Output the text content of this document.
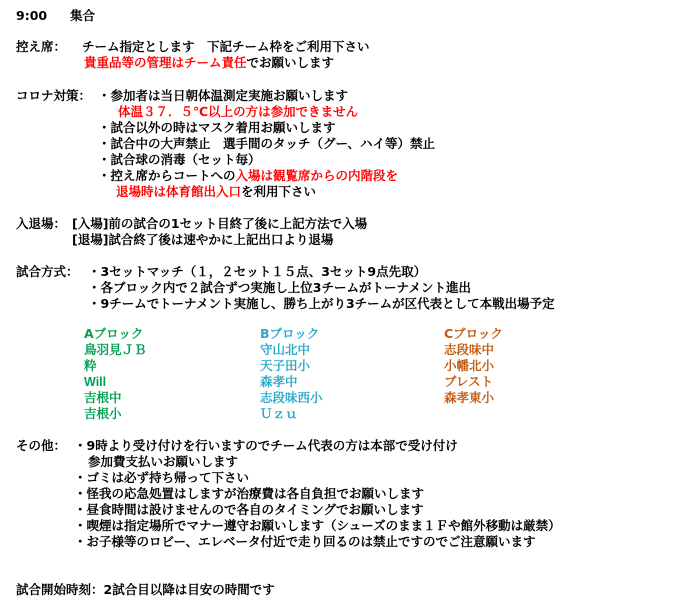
9:00 集合
控え席： チーム指定とします　下記チーム枠をご利用下さい
貴重品等の管理はチーム責任でお願いします
コロナ対策： ・参加者は当日朝体温測定実施お願いします
体温３７．５℃以上の方は参加できません
・試合以外の時はマスク着用お願いします
・試合中の大声禁止　選手間のタッチ（グー、ハイ等）禁止
・試合球の消毒（セット毎）
・控え席からコートへの入場は観覧席からの内階段を
退場時は体育館出入口を利用下さい
入退場： [入場]前の試合の1セット目終了後に上記方法で入場
[退場]試合終了後は速やかに上記出口より退場
試合方式： ・3セットマッチ（１，２セット１５点、3セット9点先取）
・各ブロック内で２試合ずつ実施し上位3チームがトーナメント進出
・9チームでトーナメント実施し、勝ち上がり3チームが区代表として本戦出場予定
Aブロック
鳥羽見ＪＢ
粋
Will
吉根中
吉根小
Bブロック
守山北中
天子田小
森孝中
志段味西小
Ｕｚｕ
Cブロック
志段味中
小幡北小
ブレスト
森孝東小
その他： ・9時より受け付けを行いますのでチーム代表の方は本部で受け付け
参加費支払いお願いします
・ゴミは必ず持ち帰って下さい
・怪我の応急処置はしますが治療費は各自負担でお願いします
・昼食時間は設けませんので各自のタイミングでお願いします
・喫煙は指定場所でマナー遵守お願いします（シューズのまま１Ｆや館外移動は厳禁）
・お子様等のロビー、エレベータ付近で走り回るのは禁止ですのでご注意願います
試合開始時刻：2試合目以降は目安の時間です
